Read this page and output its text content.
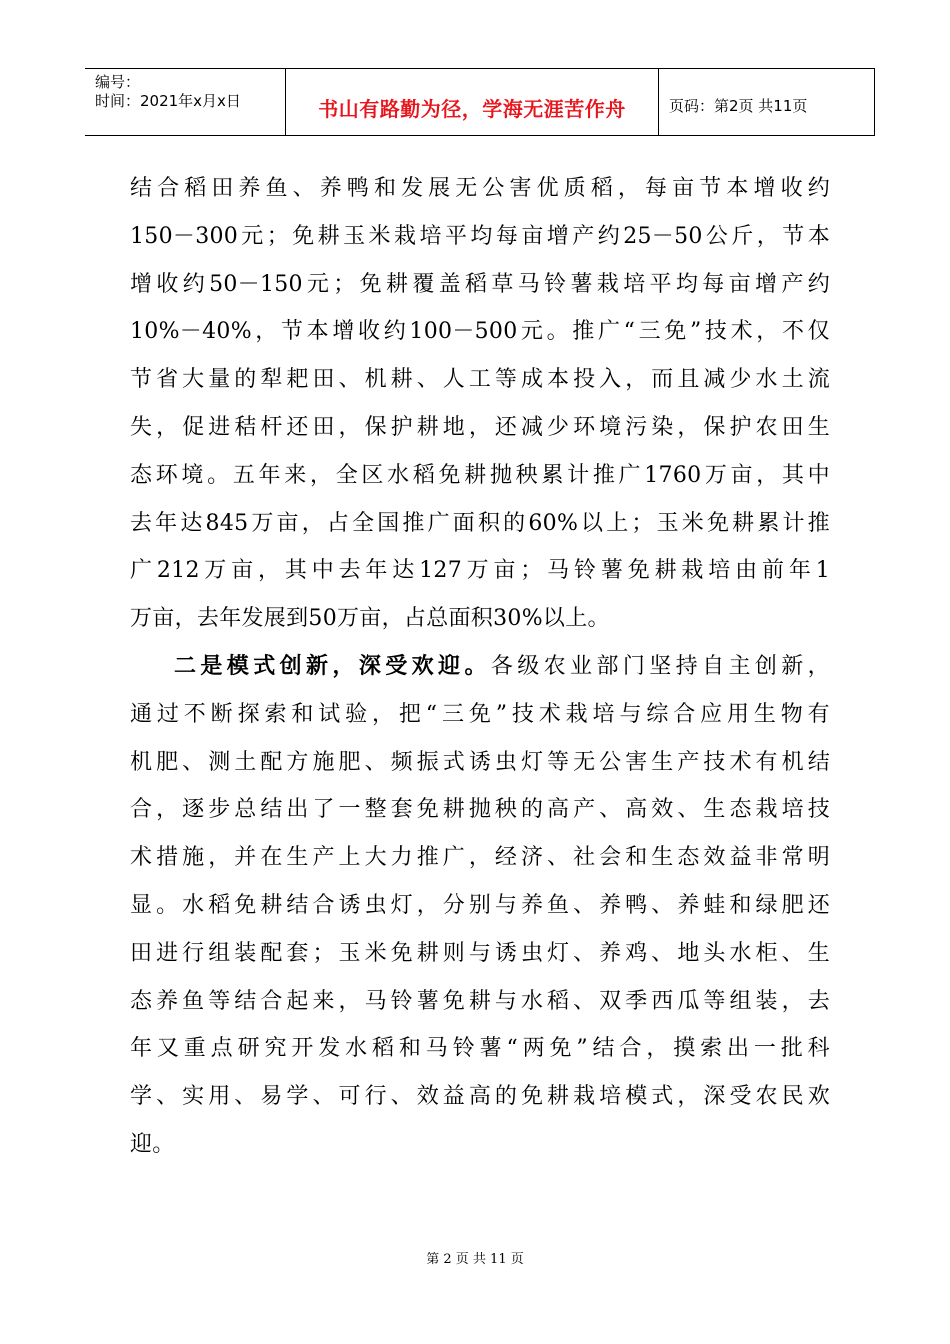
编号：
时间：2021年x月x日	书山有路勤为径，学海无涯苦作舟	页码：第2页 共11页
结合稻田养鱼、养鸭和发展无公害优质稻，每亩节本增收约
150－300元；免耕玉米栽培平均每亩增产约25－50公斤，节本
增收约50－150元；免耕覆盖稻草马铃薯栽培平均每亩增产约
10%－40%，节本增收约100－500元。推广“三免”技术，不仅
节省大量的犁耙田、机耕、人工等成本投入，而且减少水土流
失，促进秸杆还田，保护耕地，还减少环境污染，保护农田生
态环境。五年来，全区水稻免耕抛秧累计推广1760万亩，其中
去年达845万亩，占全国推广面积的60%以上；玉米免耕累计推
广212万亩，其中去年达127万亩；马铃薯免耕栽培由前年1
万亩，去年发展到50万亩，占总面积30%以上。
二是模式创新，深受欢迎。各级农业部门坚持自主创新，
通过不断探索和试验，把“三免”技术栽培与综合应用生物有
机肥、测土配方施肥、频振式诱虫灯等无公害生产技术有机结
合，逐步总结出了一整套免耕抛秧的高产、高效、生态栽培技
术措施，并在生产上大力推广，经济、社会和生态效益非常明
显。水稻免耕结合诱虫灯，分别与养鱼、养鸭、养蛙和绿肥还
田进行组装配套；玉米免耕则与诱虫灯、养鸡、地头水柜、生
态养鱼等结合起来，马铃薯免耕与水稻、双季西瓜等组装，去
年又重点研究开发水稻和马铃薯“两免”结合，摸索出一批科
学、实用、易学、可行、效益高的免耕栽培模式，深受农民欢
迎。
第 2 页 共 11 页
